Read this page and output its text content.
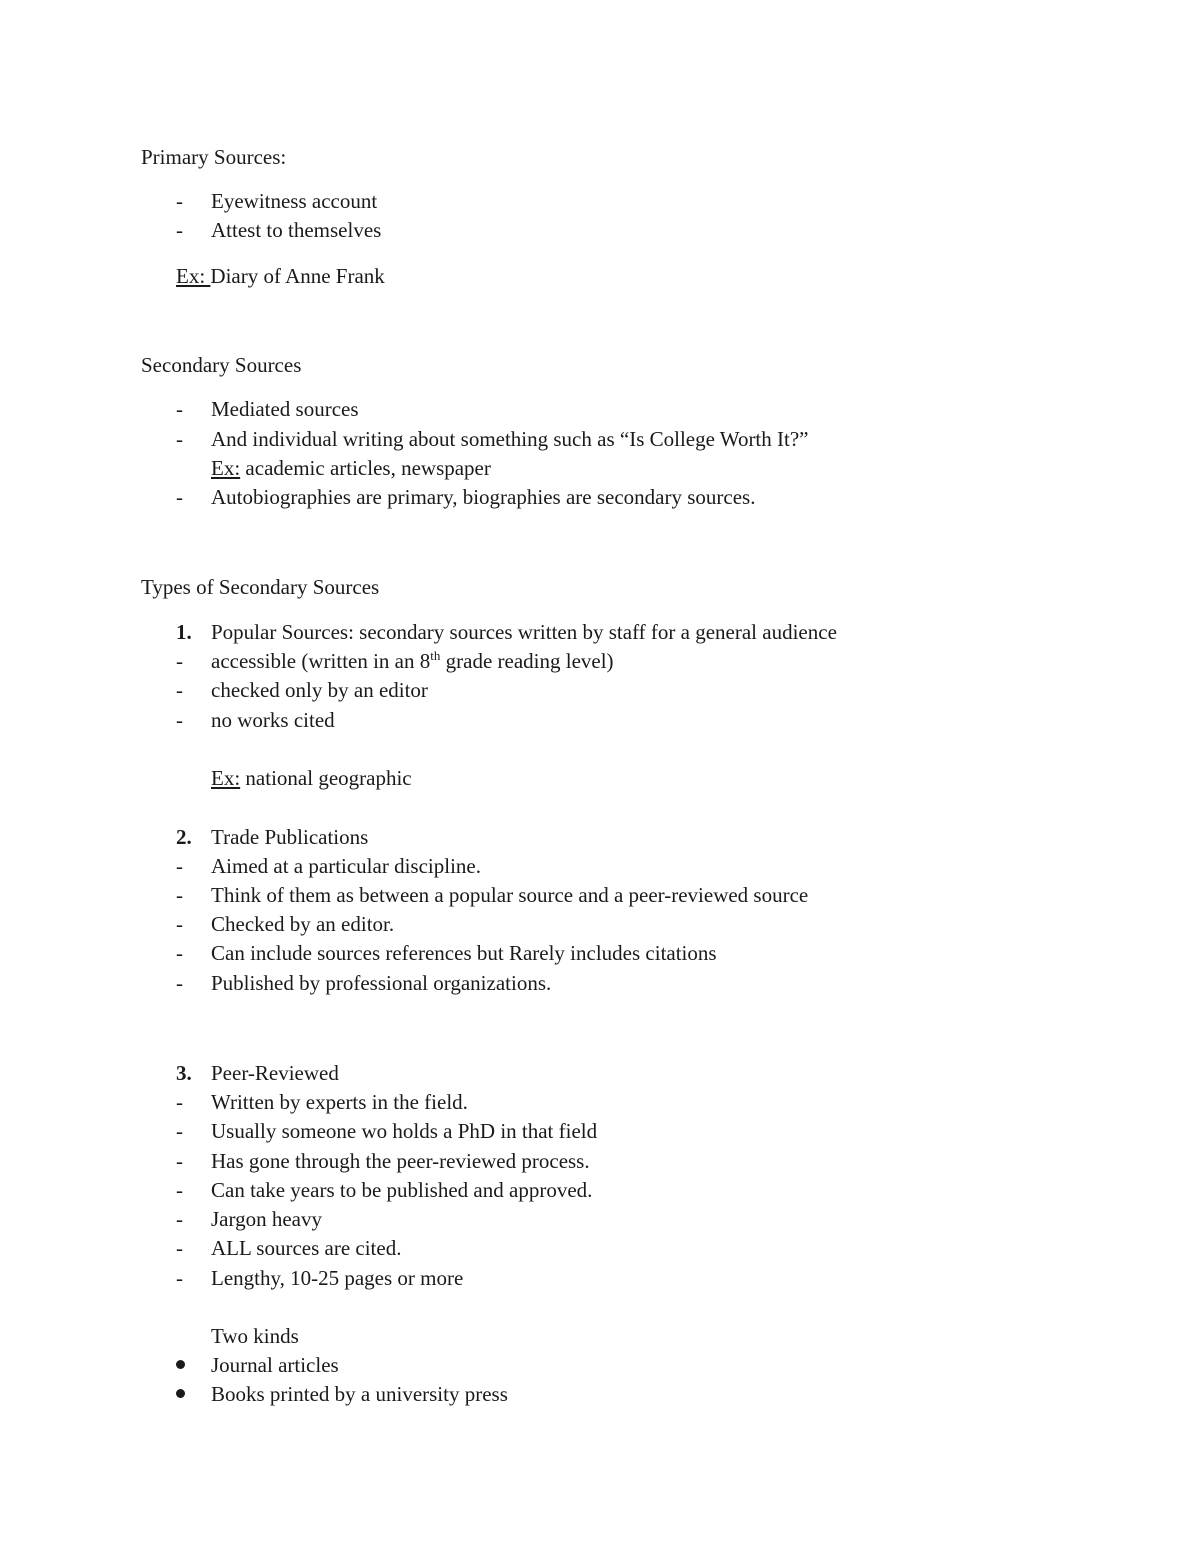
Primary Sources:
- Eyewitness account
- Attest to themselves
Ex: Diary of Anne Frank
Secondary Sources
- Mediated sources
- And individual writing about something such as “Is College Worth It?”
Ex: academic articles, newspaper
- Autobiographies are primary, biographies are secondary sources.
Types of Secondary Sources
1. Popular Sources: secondary sources written by staff for a general audience
- accessible (written in an 8th grade reading level)
- checked only by an editor
- no works cited
Ex: national geographic
2. Trade Publications
- Aimed at a particular discipline.
- Think of them as between a popular source and a peer-reviewed source
- Checked by an editor.
- Can include sources references but Rarely includes citations
- Published by professional organizations.
3. Peer-Reviewed
- Written by experts in the field.
- Usually someone wo holds a PhD in that field
- Has gone through the peer-reviewed process.
- Can take years to be published and approved.
- Jargon heavy
- ALL sources are cited.
- Lengthy, 10-25 pages or more
Two kinds
Journal articles
Books printed by a university press
